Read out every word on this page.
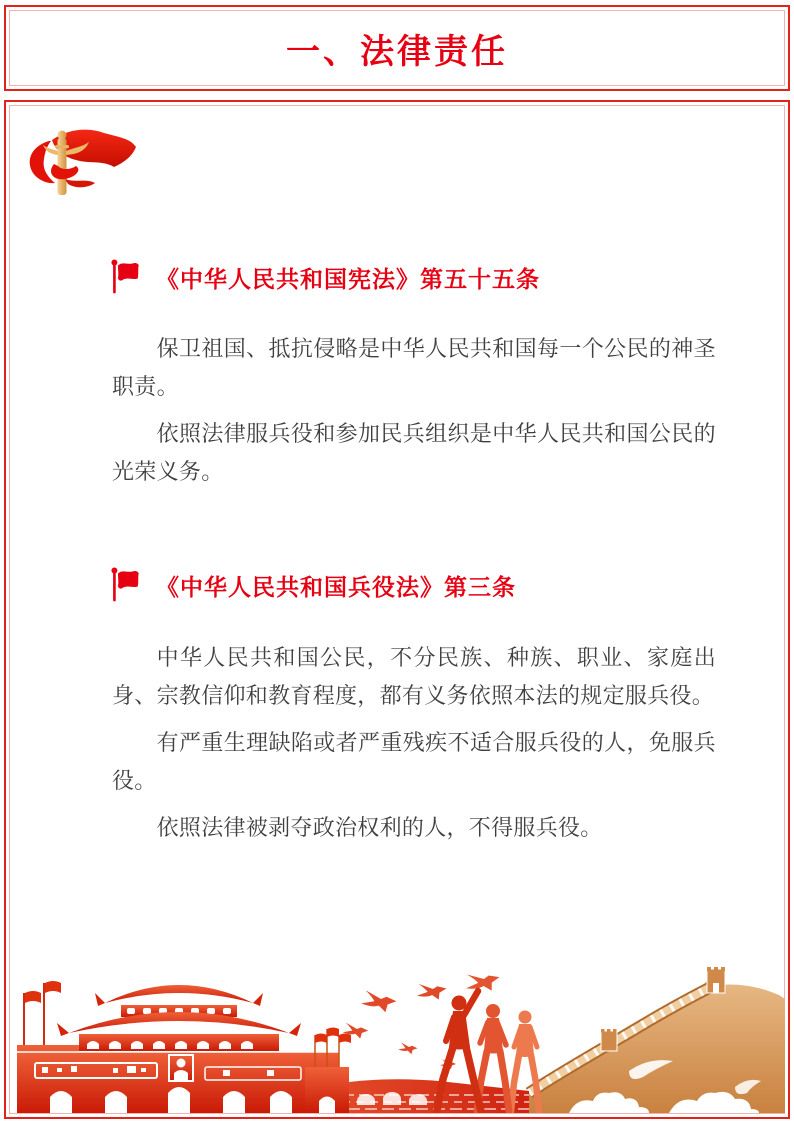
一、法律责任
《中华人民共和国宪法》第五十五条

保卫祖国、抵抗侵略是中华人民共和国每一个公民的神圣职责。

依照法律服兵役和参加民兵组织是中华人民共和国公民的光荣义务。

《中华人民共和国兵役法》第三条

中华人民共和国公民，不分民族、种族、职业、家庭出身、宗教信仰和教育程度，都有义务依照本法的规定服兵役。

有严重生理缺陷或者严重残疾不适合服兵役的人，免服兵役。

依照法律被剥夺政治权利的人，不得服兵役。
